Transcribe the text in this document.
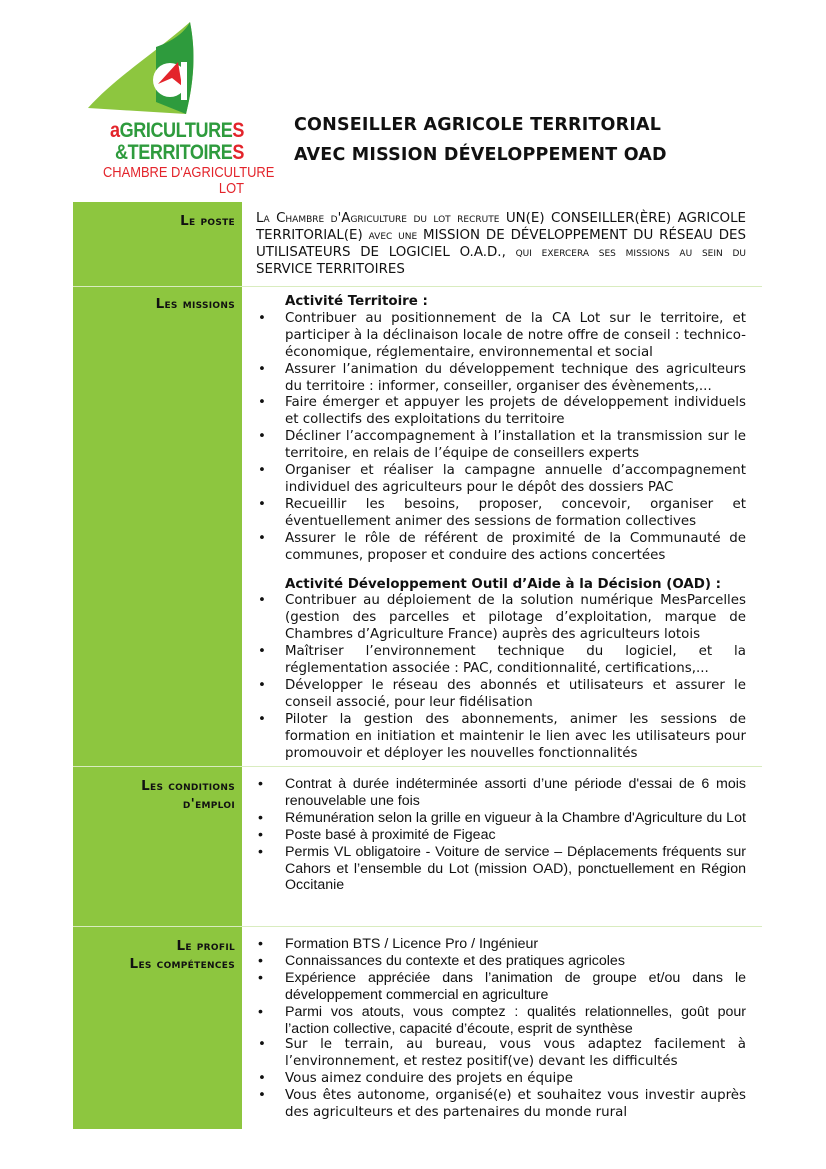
aGRICULTURES
&TERRITOIRES
CHAMBRE D'AGRICULTURE
LOT
CONSEILLER AGRICOLE TERRITORIAL
AVEC MISSION DÉVELOPPEMENT OAD
Le poste La Chambre d'Agriculture du lot recrute UN(E) CONSEILLER(ÈRE) AGRICOLE TERRITORIAL(E) avec une MISSION DE DÉVELOPPEMENT DU RÉSEAU DES UTILISATEURS DE LOGICIEL O.A.D., qui exercera ses missions au sein du SERVICE TERRITOIRES
Les missions	Activité Territoire :
• Contribuer au positionnement de la CA Lot sur le territoire, et participer à la déclinaison locale de notre offre de conseil : technico-économique, réglementaire, environnemental et social
• Assurer l’animation du développement technique des agriculteurs du territoire : informer, conseiller, organiser des évènements,...
• Faire émerger et appuyer les projets de développement individuels et collectifs des exploitations du territoire
• Décliner l’accompagnement à l’installation et la transmission sur le territoire, en relais de l’équipe de conseillers experts
• Organiser et réaliser la campagne annuelle d’accompagnement individuel des agriculteurs pour le dépôt des dossiers PAC
• Recueillir les besoins, proposer, concevoir, organiser et éventuellement animer des sessions de formation collectives
• Assurer le rôle de référent de proximité de la Communauté de communes, proposer et conduire des actions concertées
Activité Développement Outil d’Aide à la Décision (OAD) :
• Contribuer au déploiement de la solution numérique MesParcelles (gestion des parcelles et pilotage d’exploitation, marque de Chambres d’Agriculture France) auprès des agriculteurs lotois
• Maîtriser l’environnement technique du logiciel, et la réglementation associée : PAC, conditionnalité, certifications,...
• Développer le réseau des abonnés et utilisateurs et assurer le conseil associé, pour leur fidélisation
• Piloter la gestion des abonnements, animer les sessions de formation en initiation et maintenir le lien avec les utilisateurs pour promouvoir et déployer les nouvelles fonctionnalités
Les conditions
d'emploi
• Contrat à durée indéterminée assorti d’une période d'essai de 6 mois renouvelable une fois
• Rémunération selon la grille en vigueur à la Chambre d'Agriculture du Lot
• Poste basé à proximité de Figeac
• Permis VL obligatoire - Voiture de service – Déplacements fréquents sur Cahors et l’ensemble du Lot (mission OAD), ponctuellement en Région Occitanie
Le profil
Les compétences
• Formation BTS / Licence Pro / Ingénieur
• Connaissances du contexte et des pratiques agricoles
• Expérience appréciée dans l’animation de groupe et/ou dans le développement commercial en agriculture
• Parmi vos atouts, vous comptez : qualités relationnelles, goût pour l’action collective, capacité d’écoute, esprit de synthèse
• Sur le terrain, au bureau, vous vous adaptez facilement à l’environnement, et restez positif(ve) devant les difficultés
• Vous aimez conduire des projets en équipe
• Vous êtes autonome, organisé(e) et souhaitez vous investir auprès des agriculteurs et des partenaires du monde rural
